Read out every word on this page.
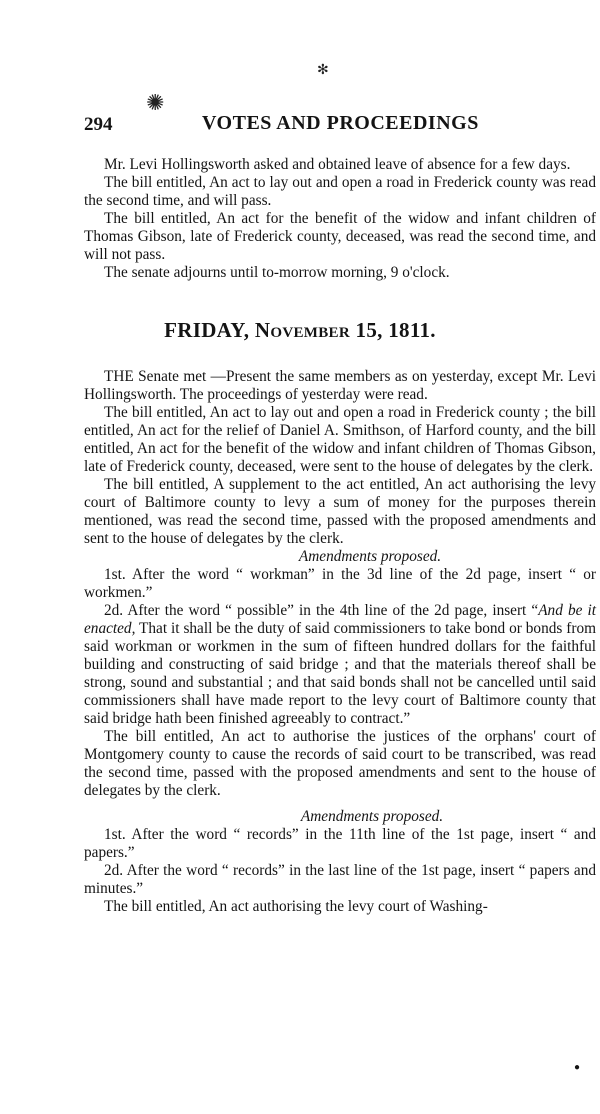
✻
✺
294	VOTES AND PROCEEDINGS

Mr. Levi Hollingsworth asked and obtained leave of absence for a few days.

The bill entitled, An act to lay out and open a road in Frederick county was read the second time, and will pass.

The bill entitled, An act for the benefit of the widow and infant children of Thomas Gibson, late of Frederick county, deceased, was read the second time, and will not pass.

The senate adjourns until to-morrow morning, 9 o'clock.

FRIDAY, November 15, 1811.

THE Senate met —Present the same members as on yesterday, except Mr. Levi Hollingsworth. The proceedings of yesterday were read.

The bill entitled, An act to lay out and open a road in Frederick county ; the bill entitled, An act for the relief of Daniel A. Smithson, of Harford county, and the bill entitled, An act for the benefit of the widow and infant children of Thomas Gibson, late of Frederick county, deceased, were sent to the house of delegates by the clerk.

The bill entitled, A supplement to the act entitled, An act authorising the levy court of Baltimore county to levy a sum of money for the purposes therein mentioned, was read the second time, passed with the proposed amendments and sent to the house of delegates by the clerk.

Amendments proposed.

1st. After the word “ workman” in the 3d line of the 2d page, insert “ or workmen.”

2d. After the word “ possible” in the 4th line of the 2d page, insert “And be it enacted, That it shall be the duty of said commissioners to take bond or bonds from said workman or workmen in the sum of fifteen hundred dollars for the faithful building and constructing of said bridge ; and that the materials thereof shall be strong, sound and substantial ; and that said bonds shall not be cancelled until said commissioners shall have made report to the levy court of Baltimore county that said bridge hath been finished agreeably to contract.”

The bill entitled, An act to authorise the justices of the orphans' court of Montgomery county to cause the records of said court to be transcribed, was read the second time, passed with the proposed amendments and sent to the house of delegates by the clerk.

Amendments proposed.

1st. After the word “ records” in the 11th line of the 1st page, insert “ and papers.”

2d. After the word “ records” in the last line of the 1st page, insert “ papers and minutes.”

The bill entitled, An act authorising the levy court of Washing-

●
